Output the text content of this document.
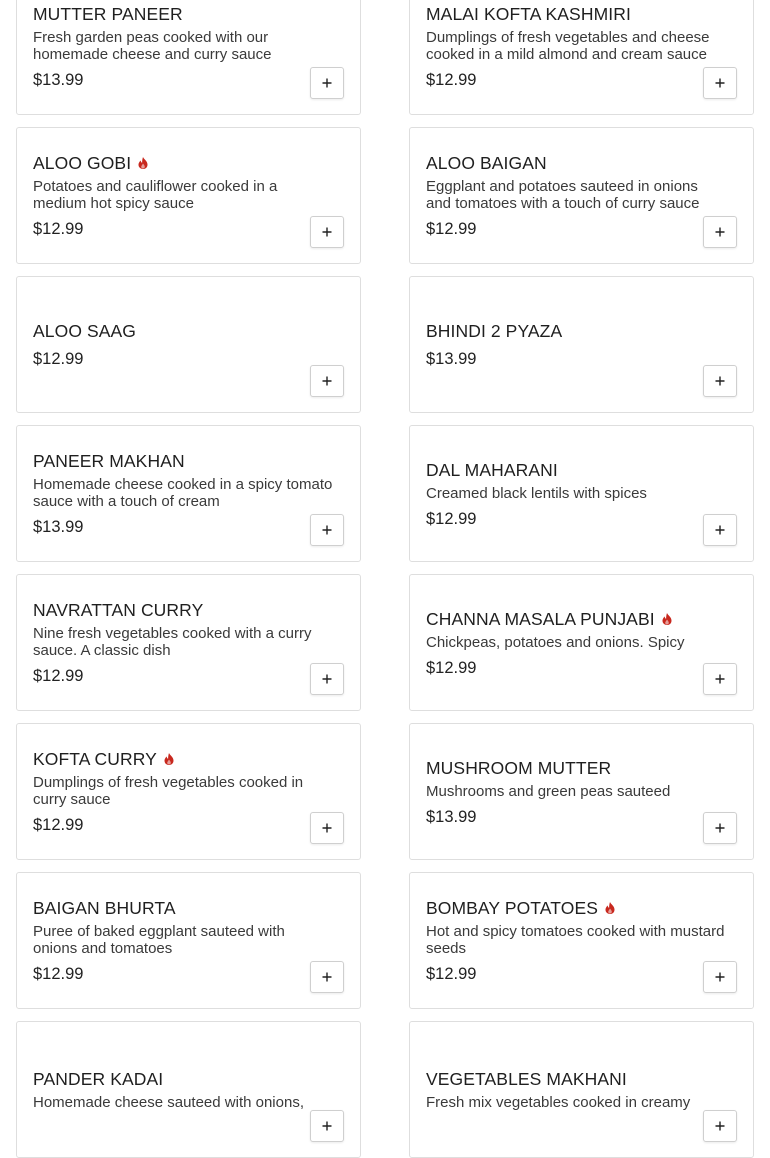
MUTTER PANEER
Fresh garden peas cooked with our homemade cheese and curry sauce
$13.99
MALAI KOFTA KASHMIRI
Dumplings of fresh vegetables and cheese cooked in a mild almond and cream sauce
$12.99
ALOO GOBI
Potatoes and cauliflower cooked in a medium hot spicy sauce
$12.99
ALOO BAIGAN
Eggplant and potatoes sauteed in onions and tomatoes with a touch of curry sauce
$12.99
ALOO SAAG
$12.99
BHINDI 2 PYAZA
$13.99
PANEER MAKHAN
Homemade cheese cooked in a spicy tomato sauce with a touch of cream
$13.99
DAL MAHARANI
Creamed black lentils with spices
$12.99
NAVRATTAN CURRY
Nine fresh vegetables cooked with a curry sauce. A classic dish
$12.99
CHANNA MASALA PUNJABI
Chickpeas, potatoes and onions. Spicy
$12.99
KOFTA CURRY
Dumplings of fresh vegetables cooked in curry sauce
$12.99
MUSHROOM MUTTER
Mushrooms and green peas sauteed
$13.99
BAIGAN BHURTA
Puree of baked eggplant sauteed with onions and tomatoes
$12.99
BOMBAY POTATOES
Hot and spicy tomatoes cooked with mustard seeds
$12.99
PANDER KADAI
Homemade cheese sauteed with onions,
VEGETABLES MAKHANI
Fresh mix vegetables cooked in creamy
